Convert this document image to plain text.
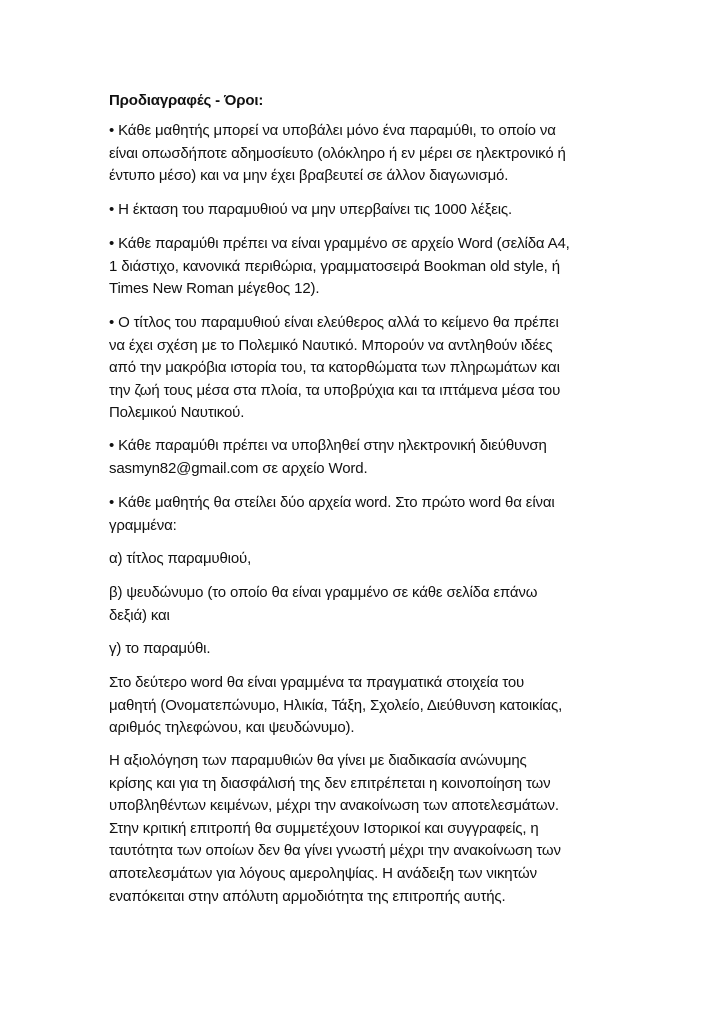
Προδιαγραφές - Όροι:
• Κάθε μαθητής μπορεί να υποβάλει μόνο ένα παραμύθι, το οποίο να
είναι οπωσδήποτε αδημοσίευτο (ολόκληρο ή εν μέρει σε ηλεκτρονικό ή
έντυπο μέσο) και να μην έχει βραβευτεί σε άλλον διαγωνισμό.
• Η έκταση του παραμυθιού να μην υπερβαίνει τις 1000 λέξεις.
• Κάθε παραμύθι πρέπει να είναι γραμμένο σε αρχείο Word (σελίδα Α4,
1 διάστιχο, κανονικά περιθώρια, γραμματοσειρά Bookman old style, ή
Times New Roman μέγεθος 12).
• Ο τίτλος του παραμυθιού είναι ελεύθερος αλλά το κείμενο θα πρέπει
να έχει σχέση με το Πολεμικό Ναυτικό. Μπορούν να αντληθούν ιδέες
από την μακρόβια ιστορία του, τα κατορθώματα των πληρωμάτων και
την ζωή τους μέσα στα πλοία, τα υποβρύχια και τα ιπτάμενα μέσα του
Πολεμικού Ναυτικού.
• Κάθε παραμύθι πρέπει να υποβληθεί στην ηλεκτρονική διεύθυνση
sasmyn82@gmail.com σε αρχείο Word.
• Κάθε μαθητής θα στείλει δύο αρχεία word. Στο πρώτο word θα είναι
γραμμένα:
α) τίτλος παραμυθιού,
β) ψευδώνυμο (το οποίο θα είναι γραμμένο σε κάθε σελίδα επάνω
δεξιά) και
γ) το παραμύθι.
Στο δεύτερο word θα είναι γραμμένα τα πραγματικά στοιχεία του
μαθητή (Ονοματεπώνυμο, Ηλικία, Τάξη, Σχολείο, Διεύθυνση κατοικίας,
αριθμός τηλεφώνου, και ψευδώνυμο).
Η αξιολόγηση των παραμυθιών θα γίνει με διαδικασία ανώνυμης
κρίσης και για τη διασφάλισή της δεν επιτρέπεται η κοινοποίηση των
υποβληθέντων κειμένων, μέχρι την ανακοίνωση των αποτελεσμάτων.
Στην κριτική επιτροπή θα συμμετέχουν Ιστορικοί και συγγραφείς, η
ταυτότητα των οποίων δεν θα γίνει γνωστή μέχρι την ανακοίνωση των
αποτελεσμάτων για λόγους αμεροληψίας. Η ανάδειξη των νικητών
εναπόκειται στην απόλυτη αρμοδιότητα της επιτροπής αυτής.
